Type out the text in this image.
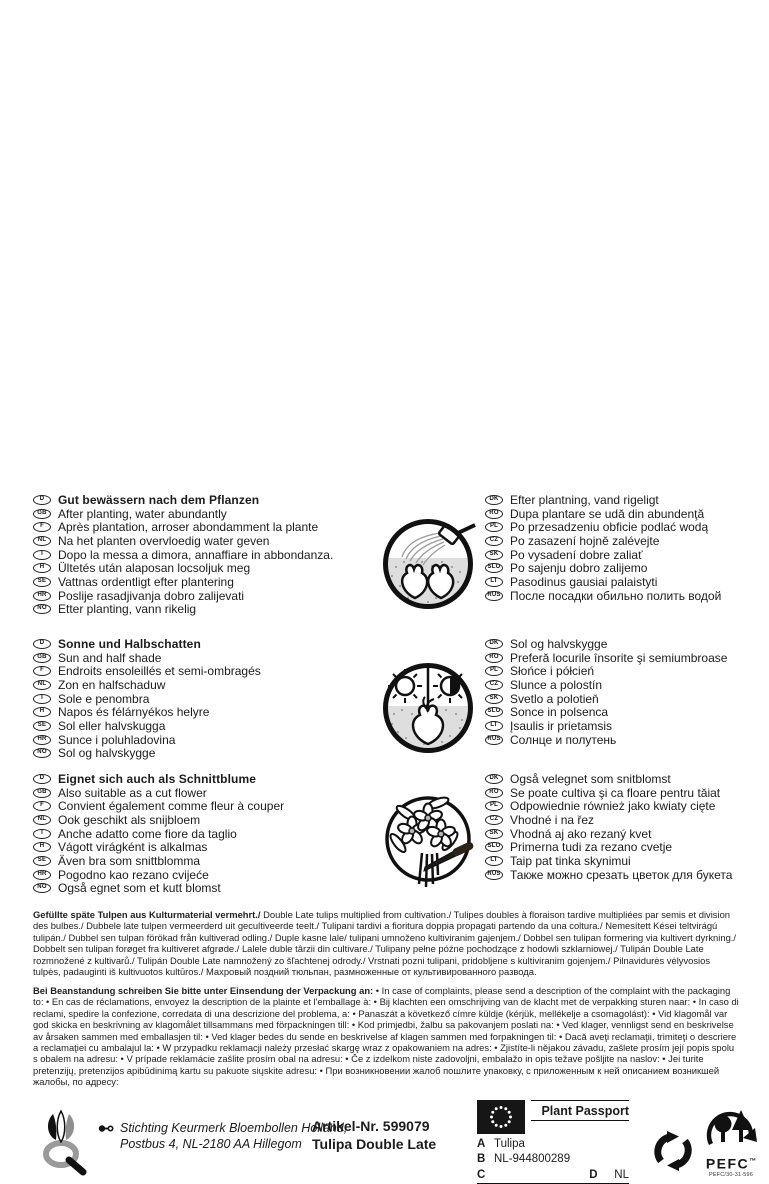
D	Gut bewässern nach dem Pflanzen
GB After planting, water abundantly
F	Après plantation, arroser abondamment la plante
NL Na het planten overvloedig water geven
I	Dopo la messa a dimora, annaffiare in abbondanza.
H	Ültetés után alaposan locsoljuk meg
SE Vattnas ordentligt efter plantering
HR Poslije rasadjivanja dobro zalijevati
NO Etter planting, vann rikelig
DK Efter plantning, vand rigeligt
RO Dupa plantare se udă din abundenţă
PL Po przesadzeniu obficie podlać wodą
CZ Po zasazení hojně zalévejte
SK Po vysadení dobre zaliať
SLO Po sajenju dobro zalijemo
LT	Pasodinus gausiai palaistyti
RUS После посадки обильно полить водой
D	Sonne und Halbschatten
GB Sun and half shade
F	Endroits ensoleillés et semi-ombragés
NL Zon en halfschaduw
I	Sole e penombra
H	Napos és félárnyékos helyre
SE Sol eller halvskugga
HR Sunce i poluhladovina
NO Sol og halvskygge
DK Sol og halvskygge
RO Preferă locurile însorite şi semiumbroase
PL Słońce i półcień
CZ Slunce a polostín
SK Svetlo a polotieň
SLO Sonce in polsenca
LT	Įsaulis ir prietamsis
RUS Солнце и полутень
D	Eignet sich auch als Schnittblume
GB Also suitable as a cut flower
F	Convient également comme fleur à couper
NL Ook geschikt als snijbloem
I	Anche adatto come fiore da taglio
H	Vágott virágként is alkalmas
SE Även bra som snittblomma
HR Pogodno kao rezano cvijeće
NO Også egnet som et kutt blomst
DK Også velegnet som snitblomst
RO Se poate cultiva şi ca floare pentru tăiat
PL Odpowiednie również jako kwiaty cięte
CZ Vhodné i na řez
SK Vhodná aj ako rezaný kvet
SLO Primerna tudi za rezano cvetje
LT	Taip pat tinka skynimui
RUS Также можно срезать цветок для букета

Gefüllte späte Tulpen aus Kulturmaterial vermehrt./ Double Late tulips multiplied from cultivation./ Tulipes doubles à floraison tardive multipliées par semis et division des bulbes./ Dubbele late tulpen vermeerderd uit gecultiveerde teelt./ Tulipani tardivi a fioritura doppia propagati partendo da una coltura./ Nemesített Kései teltvirágú tulipán./ Dubbel sen tulpan förökad från kultiverad odling./ Duple kasne lale/ tulipani umnoženo kultiviranim gajenjem./ Dobbel sen tulipan formering via kultivert dyrkning./ Dobbelt sen tulipan forøget fra kultiveret afgrøde./ Lalele duble târzii din cultivare./ Tulipany pełne późne pochodzące z hodowli szklarniowej./ Tulipán Double Late rozmnožené z kultivarů./ Tulipán Double Late namnožený zo šľachtenej odrody./ Vrstnati pozni tulipani, pridobljene s kultiviranim gojenjem./ Pilnavidurės vėlyvosios tulpės, padauginti iš kultivuotos kultūros./ Махровый поздний тюльпан, размноженные от культивированного развода.

Bei Beanstandung schreiben Sie bitte unter Einsendung der Verpackung an: • In case of complaints, please send a description of the complaint with the packaging to: • En cas de réclamations, envoyez la description de la plainte et l'emballage à: • Bij klachten een omschrijving van de klacht met de verpakking sturen naar: • In caso di reclami, spedire la confezione, corredata di una descrizione del problema, a: • Panaszát a következő címre küldje (kérjük, mellékelje a csomagolást): • Vid klagomål var god skicka en beskrivning av klagomålet tillsammans med förpackningen till: • Kod primjedbi, žalbu sa pakovanjem poslati na: • Ved klager, vennligst send en beskrivelse av årsaken sammen med emballasjen til: • Ved klager bedes du sende en beskrivelse af klagen sammen med forpakningen til: • Dacă aveţi reclamaţii, trimiteţi o descriere a reclamaţiei cu ambalajul la: • W przypadku reklamacji należy przesłać skargę wraz z opakowaniem na adres: • Zjistíte-li nějakou závadu, zašlete prosím její popis spolu s obalem na adresu: • V prípade reklamácie zašlite prosím obal na adresu: • Če z izdelkom niste zadovoljni, embalažo in opis težave pošljite na naslov: • Jei turite pretenzijų, pretenzijos apibūdinimą kartu su pakuote siųskite adresu: • При возникновении жалоб пошлите упаковку, с приложенным к ней описанием возникшей жалобы, по адресу:

Stichting Keurmerk Bloembollen Holland,
Postbus 4, NL-2180 AA Hillegom
Artikel-Nr. 599079
Tulipa Double Late
Plant Passport
A Tulipa
B NL-944800289
C	D	NL
PEFC™
PEFC/30-31-596
